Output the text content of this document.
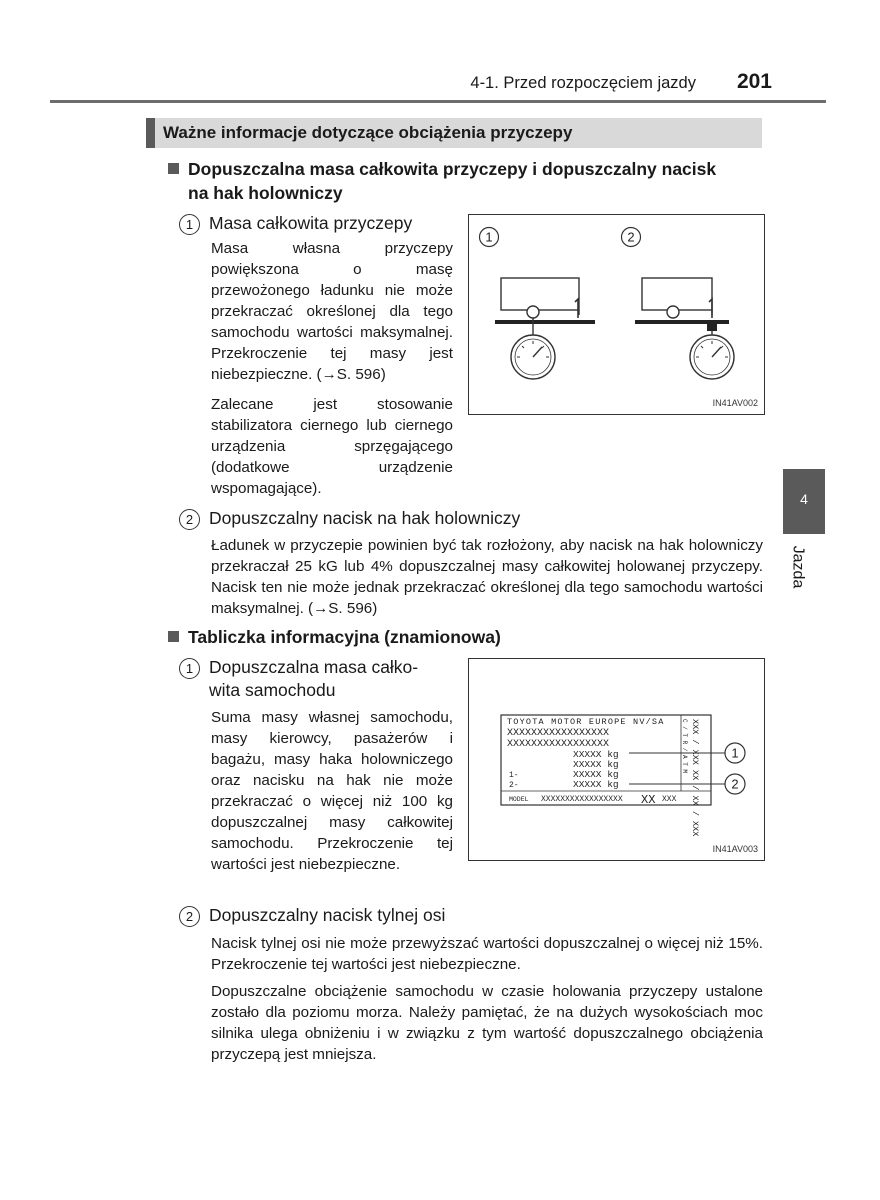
4-1. Przed rozpoczęciem jazdy	201
Ważne informacje dotyczące obciążenia przyczepy
Dopuszczalna masa całkowita przyczepy i dopuszczalny nacisk
na hak holowniczy
1 Masa całkowita przyczepy

Masa własna przyczepy powiększona o masę przewożonego ładunku nie może przekraczać określonej dla tego samochodu wartości maksymalnej. Przekroczenie tej masy jest niebezpieczne. (→S. 596)

Zalecane jest stosowanie stabilizatora ciernego lub ciernego urządzenia sprzęgającego (dodatkowe urządzenie wspomagające).

1	2
IN41AV002
2 Dopuszczalny nacisk na hak holowniczy

Ładunek w przyczepie powinien być tak rozłożony, aby nacisk na hak holowniczy przekraczał 25 kG lub 4% dopuszczalnej masy całkowitej holowanej przyczepy. Nacisk ten nie może jednak przekraczać określonej dla tego samochodu wartości maksymalnej. (→S. 596)

4
Jazda
Tabliczka informacyjna (znamionowa)
1 Dopuszczalna masa całko-
wita samochodu

Suma masy własnej samochodu, masy kierowcy, pasażerów i bagażu, masy haka holowniczego oraz nacisku na hak nie może przekraczać o więcej niż 100 kg dopuszczalnej masy całkowitej samochodu. Przekroczenie tej wartości jest niebezpieczne.

TOYOTA MOTOR EUROPE NV/SA
XXXXXXXXXXXXXXXXX
XXXXXXXXXXXXXXXXX
XXXXX kg
XXXXX kg
1-	XXXXX kg
2-	XXXXX kg
MODEL XXXXXXXXXXXXXXXXX XX XXX
C / T R / A T M XXX / XXX XX / XX / XXX 1
2
IN41AV003
2 Dopuszczalny nacisk tylnej osi

Nacisk tylnej osi nie może przewyższać wartości dopuszczalnej o więcej niż 15%. Przekroczenie tej wartości jest niebezpieczne.

Dopuszczalne obciążenie samochodu w czasie holowania przyczepy ustalone zostało dla poziomu morza. Należy pamiętać, że na dużych wysokościach moc silnika ulega obniżeniu i w związku z tym wartość dopuszczalnego obciążenia przyczepą jest mniejsza.
